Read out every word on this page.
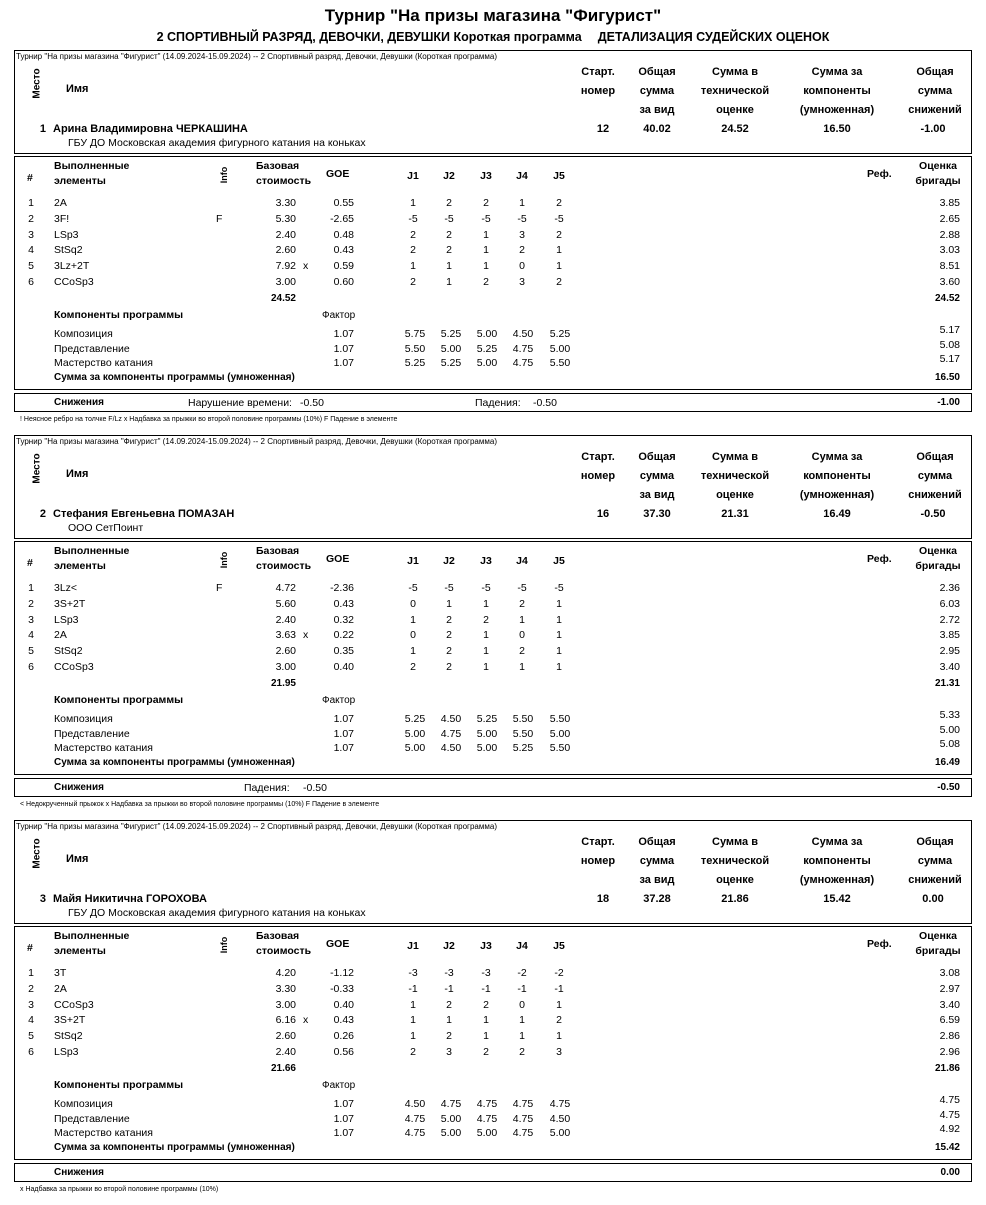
Турнир "На призы магазина "Фигурист"
2 СПОРТИВНЫЙ РАЗРЯД, ДЕВОЧКИ, ДЕВУШКИ Короткая программа ДЕТАЛИЗАЦИЯ СУДЕЙСКИХ ОЦЕНОК
Турнир "На призы магазина "Фигурист" (14.09.2024-15.09.2024) -- 2 Спортивный разряд, Девочки, Девушки (Короткая программа)
Место Имя
Старт.
номер
Общая
сумма
за вид
Сумма в
технической
оценке
Сумма за
компоненты
(умноженная)
Общая
сумма
снижений
1 Арина Владимировна ЧЕРКАШИНА
ГБУ ДО Московская академия фигурного катания на коньках
12	40.02	24.52	16.50	-1.00
#
Выполненные
элементы	Info
Базовая
стоимость
GOE	J1 J2 J3 J4 J5	Реф.
Оценка
бригады
1 2A	3.30	0.55	1	2	2	1	2	3.85
2 3F!	F	5.30	-2.65	-5	-5	-5	-5	-5	2.65
3 LSp3	2.40	0.48	2	2	1	3	2	2.88
4 StSq2	2.60	0.43	2	2	1	2	1	3.03
5 3Lz+2T	7.92 x	0.59	1	1	1	0	1	8.51
6 CCoSp3	3.00	0.60	2	1	2	3	2	3.60
24.52	24.52
Компоненты программы	Фактор
Композиция	1.07	5.75	5.25	5.00	4.50	5.25	5.17
Представление	1.07	5.50	5.00	5.25	4.75	5.00	5.08
Мастерство катания	1.07	5.25	5.25	5.00	4.75	5.50	5.17
Сумма за компоненты программы (умноженная)	16.50
Снижения	Нарушение времени: -0.50	Падения: -0.50	-1.00
! Неясное ребро на толчке F/Lz x Надбавка за прыжки во второй половине программы (10%) F Падение в элементе
Турнир "На призы магазина "Фигурист" (14.09.2024-15.09.2024) -- 2 Спортивный разряд, Девочки, Девушки (Короткая программа)
Место Имя
Старт.
номер
Общая
сумма
за вид
Сумма в
технической
оценке
Сумма за
компоненты
(умноженная)
Общая
сумма
снижений
2 Стефания Евгеньевна ПОМАЗАН
ООО СетПоинт
16	37.30	21.31	16.49	-0.50
#
Выполненные
элементы	Info
Базовая
стоимость
GOE	J1 J2 J3 J4 J5	Реф.
Оценка
бригады
1 3Lz<	F	4.72	-2.36	-5	-5	-5	-5	-5	2.36
2 3S+2T	5.60	0.43	0	1	1	2	1	6.03
3 LSp3	2.40	0.32	1	2	2	1	1	2.72
4 2A	3.63 x	0.22	0	2	1	0	1	3.85
5 StSq2	2.60	0.35	1	2	1	2	1	2.95
6 CCoSp3	3.00	0.40	2	2	1	1	1	3.40
21.95	21.31
Компоненты программы	Фактор
Композиция	1.07	5.25	4.50	5.25	5.50	5.50	5.33
Представление	1.07	5.00	4.75	5.00	5.50	5.00	5.00
Мастерство катания	1.07	5.00	4.50	5.00	5.25	5.50	5.08
Сумма за компоненты программы (умноженная)	16.49
Снижения	Падения: -0.50	-0.50
< Недокрученный прыжок x Надбавка за прыжки во второй половине программы (10%) F Падение в элементе
Турнир "На призы магазина "Фигурист" (14.09.2024-15.09.2024) -- 2 Спортивный разряд, Девочки, Девушки (Короткая программа)
Место Имя
Старт.
номер
Общая
сумма
за вид
Сумма в
технической
оценке
Сумма за
компоненты
(умноженная)
Общая
сумма
снижений
3 Майя Никитична ГОРОХОВА
ГБУ ДО Московская академия фигурного катания на коньках
18	37.28	21.86	15.42	0.00
#
Выполненные
элементы	Info
Базовая
стоимость
GOE	J1 J2 J3 J4 J5	Реф.
Оценка
бригады
1 3T	4.20	-1.12	-3	-3	-3	-2	-2	3.08
2 2A	3.30	-0.33	-1	-1	-1	-1	-1	2.97
3 CCoSp3	3.00	0.40	1	2	2	0	1	3.40
4 3S+2T	6.16 x	0.43	1	1	1	1	2	6.59
5 StSq2	2.60	0.26	1	2	1	1	1	2.86
6 LSp3	2.40	0.56	2	3	2	2	3	2.96
21.66	21.86
Компоненты программы	Фактор
Композиция	1.07	4.50	4.75	4.75	4.75	4.75	4.75
Представление	1.07	4.75	5.00	4.75	4.75	4.50	4.75
Мастерство катания	1.07	4.75	5.00	5.00	4.75	5.00	4.92
Сумма за компоненты программы (умноженная)	15.42
Снижения	0.00
x Надбавка за прыжки во второй половине программы (10%)
